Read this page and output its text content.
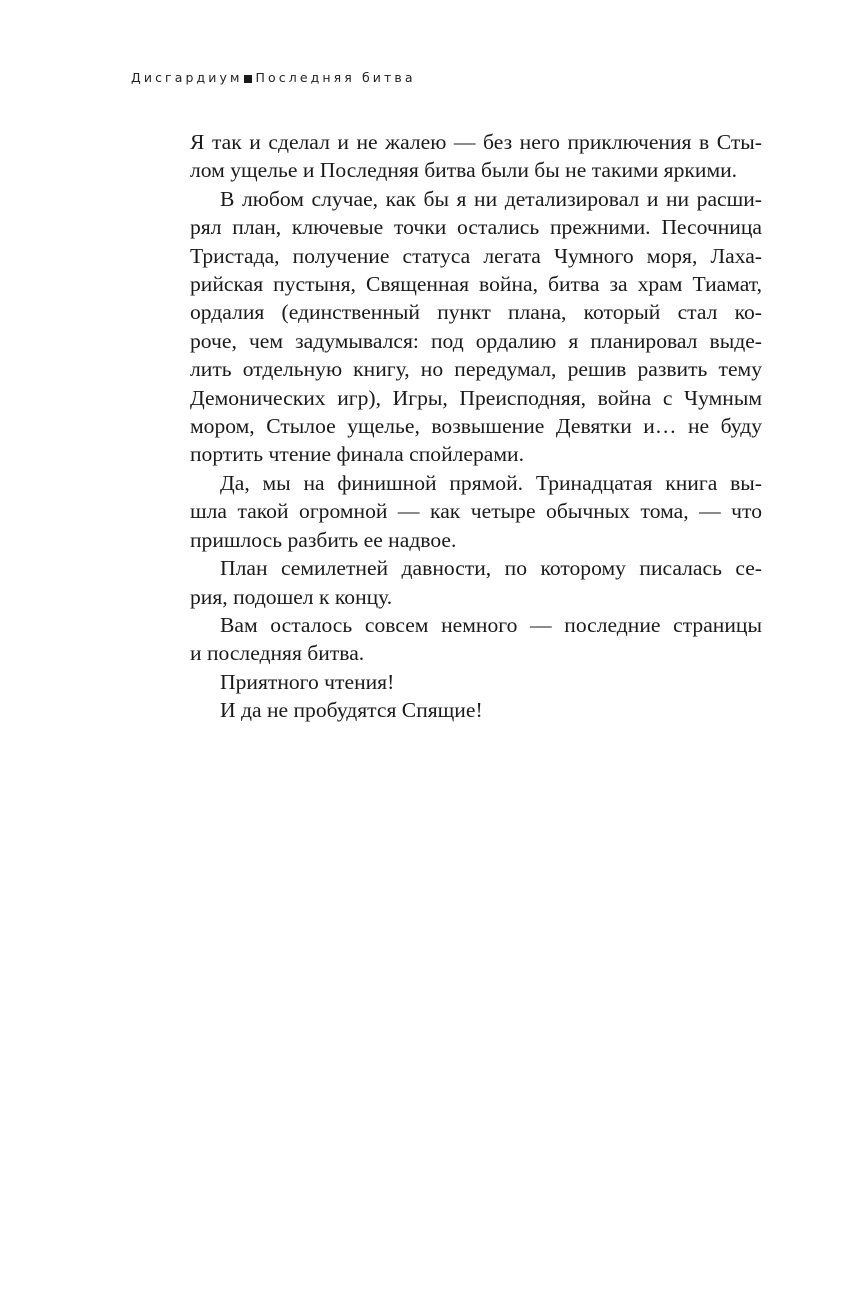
Дисгардиум Последняя битва
Я так и сделал и не жалею — без него приключения в Сты-
лом ущелье и Последняя битва были бы не такими яркими.
В любом случае, как бы я ни детализировал и ни расши-
рял план, ключевые точки остались прежними. Песочница
Тристада, получение статуса легата Чумного моря, Лаха-
рийская пустыня, Священная война, битва за храм Тиамат,
ордалия (единственный пункт плана, который стал ко-
роче, чем задумывался: под ордалию я планировал выде-
лить отдельную книгу, но передумал, решив развить тему
Демонических игр), Игры, Преисподняя, война с Чумным
мором, Стылое ущелье, возвышение Девятки и… не буду
портить чтение финала спойлерами.
Да, мы на финишной прямой. Тринадцатая книга вы-
шла такой огромной — как четыре обычных тома, — что
пришлось разбить ее надвое.
План семилетней давности, по которому писалась се-
рия, подошел к концу.
Вам осталось совсем немного — последние страницы
и последняя битва.
Приятного чтения!
И да не пробудятся Спящие!
